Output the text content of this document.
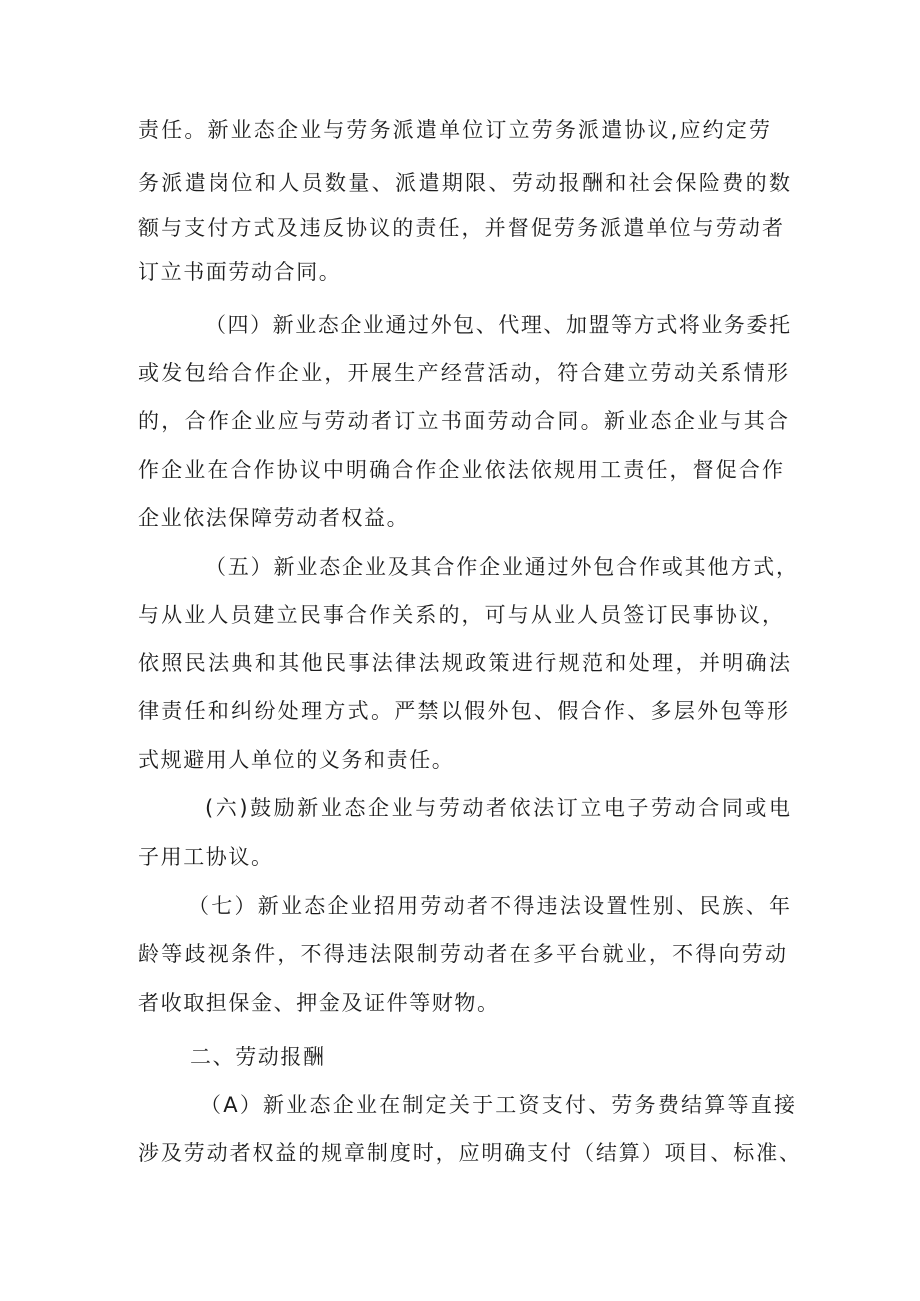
责任。新业态企业与劳务派遣单位订立劳务派遣协议,应约定劳
务派遣岗位和人员数量、派遣期限、劳动报酬和社会保险费的数
额与支付方式及违反协议的责任，并督促劳务派遣单位与劳动者
订立书面劳动合同。
（四）新业态企业通过外包、代理、加盟等方式将业务委托
或发包给合作企业，开展生产经营活动，符合建立劳动关系情形
的，合作企业应与劳动者订立书面劳动合同。新业态企业与其合
作企业在合作协议中明确合作企业依法依规用工责任，督促合作
企业依法保障劳动者权益。
（五）新业态企业及其合作企业通过外包合作或其他方式，
与从业人员建立民事合作关系的，可与从业人员签订民事协议，
依照民法典和其他民事法律法规政策进行规范和处理，并明确法
律责任和纠纷处理方式。严禁以假外包、假合作、多层外包等形
式规避用人单位的义务和责任。
(六)鼓励新业态企业与劳动者依法订立电子劳动合同或电
子用工协议。
（七）新业态企业招用劳动者不得违法设置性别、民族、年
龄等歧视条件，不得违法限制劳动者在多平台就业，不得向劳动
者收取担保金、押金及证件等财物。
二、劳动报酬
（A）新业态企业在制定关于工资支付、劳务费结算等直接
涉及劳动者权益的规章制度时，应明确支付（结算）项目、标准、
